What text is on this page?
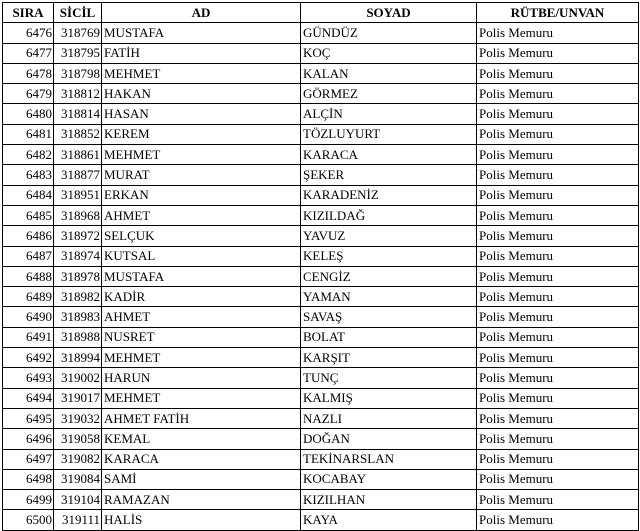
SIRA	SİCİL	AD	SOYAD	RÜTBE/UNVAN
6476	318769	MUSTAFA	GÜNDÜZ	Polis Memuru
6477	318795	FATİH	KOÇ	Polis Memuru
6478	318798	MEHMET	KALAN	Polis Memuru
6479	318812	HAKAN	GÖRMEZ	Polis Memuru
6480	318814	HASAN	ALÇİN	Polis Memuru
6481	318852	KEREM	TÖZLUYURT	Polis Memuru
6482	318861	MEHMET	KARACA	Polis Memuru
6483	318877	MURAT	ŞEKER	Polis Memuru
6484	318951	ERKAN	KARADENİZ	Polis Memuru
6485	318968	AHMET	KIZILDAĞ	Polis Memuru
6486	318972	SELÇUK	YAVUZ	Polis Memuru
6487	318974	KUTSAL	KELEŞ	Polis Memuru
6488	318978	MUSTAFA	CENGİZ	Polis Memuru
6489	318982	KADİR	YAMAN	Polis Memuru
6490	318983	AHMET	SAVAŞ	Polis Memuru
6491	318988	NUSRET	BOLAT	Polis Memuru
6492	318994	MEHMET	KARŞIT	Polis Memuru
6493	319002	HARUN	TUNÇ	Polis Memuru
6494	319017	MEHMET	KALMIŞ	Polis Memuru
6495	319032	AHMET FATİH	NAZLI	Polis Memuru
6496	319058	KEMAL	DOĞAN	Polis Memuru
6497	319082	KARACA	TEKİNARSLAN	Polis Memuru
6498	319084	SAMİ	KOCABAY	Polis Memuru
6499	319104	RAMAZAN	KIZILHAN	Polis Memuru
6500	319111	HALİS	KAYA	Polis Memuru
